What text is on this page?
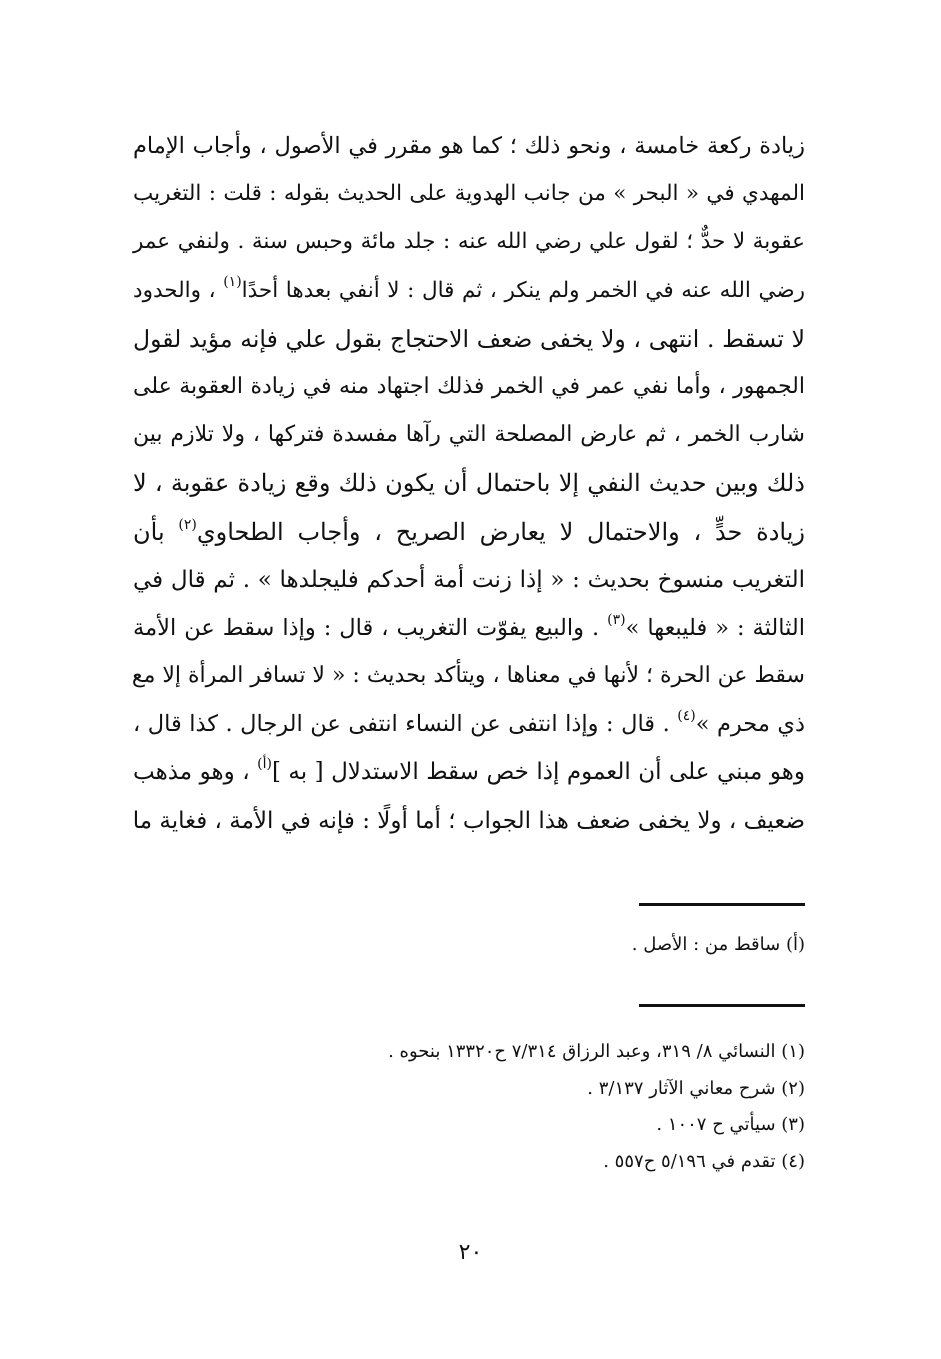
زيادة ركعة خامسة ، ونحو ذلك ؛ كما هو مقرر في الأصول ، وأجاب الإمام
المهدي في « البحر » من جانب الهدوية على الحديث بقوله : قلت : التغريب
عقوبة لا حدٌّ ؛ لقول علي رضي الله عنه : جلد مائة وحبس سنة . ولنفي عمر
رضي الله عنه في الخمر ولم ينكر ، ثم قال : لا أنفي بعدها أحدًا$^{(١)}$ ، والحدود
لا تسقط . انتهى ، ولا يخفى ضعف الاحتجاج بقول علي فإنه مؤيد لقول
الجمهور ، وأما نفي عمر في الخمر فذلك اجتهاد منه في زيادة العقوبة على
شارب الخمر ، ثم عارض المصلحة التي رآها مفسدة فتركها ، ولا تلازم بين
ذلك وبين حديث النفي إلا باحتمال أن يكون ذلك وقع زيادة عقوبة ، لا
زيادة حدٍّ ، والاحتمال لا يعارض الصريح ، وأجاب الطحاوي$^{(٢)}$ بأن
التغريب منسوخ بحديث : « إذا زنت أمة أحدكم فليجلدها » . ثم قال في
الثالثة : « فليبعها »$^{(٣)}$ . والبيع يفوّت التغريب ، قال : وإذا سقط عن الأمة
سقط عن الحرة ؛ لأنها في معناها ، ويتأكد بحديث : « لا تسافر المرأة إلا مع
ذي محرم »$^{(٤)}$ . قال : وإذا انتفى عن النساء انتفى عن الرجال . كذا قال ،
وهو مبني على أن العموم إذا خص سقط الاستدلال [ به ]$^{(أ)}$ ، وهو مذهب
ضعيف ، ولا يخفى ضعف هذا الجواب ؛ أما أولًا : فإنه في الأمة ، فغاية ما
(أ) ساقط من : الأصل .
(١) النسائي ٨/ ٣١٩، وعبد الرزاق ٧/٣١٤ ح١٣٣٢٠ بنحوه .
(٢) شرح معاني الآثار ٣/١٣٧ .
(٣) سيأتي ح ١٠٠٧ .
(٤) تقدم في ٥/١٩٦ ح٥٥٧ .
٢٠
